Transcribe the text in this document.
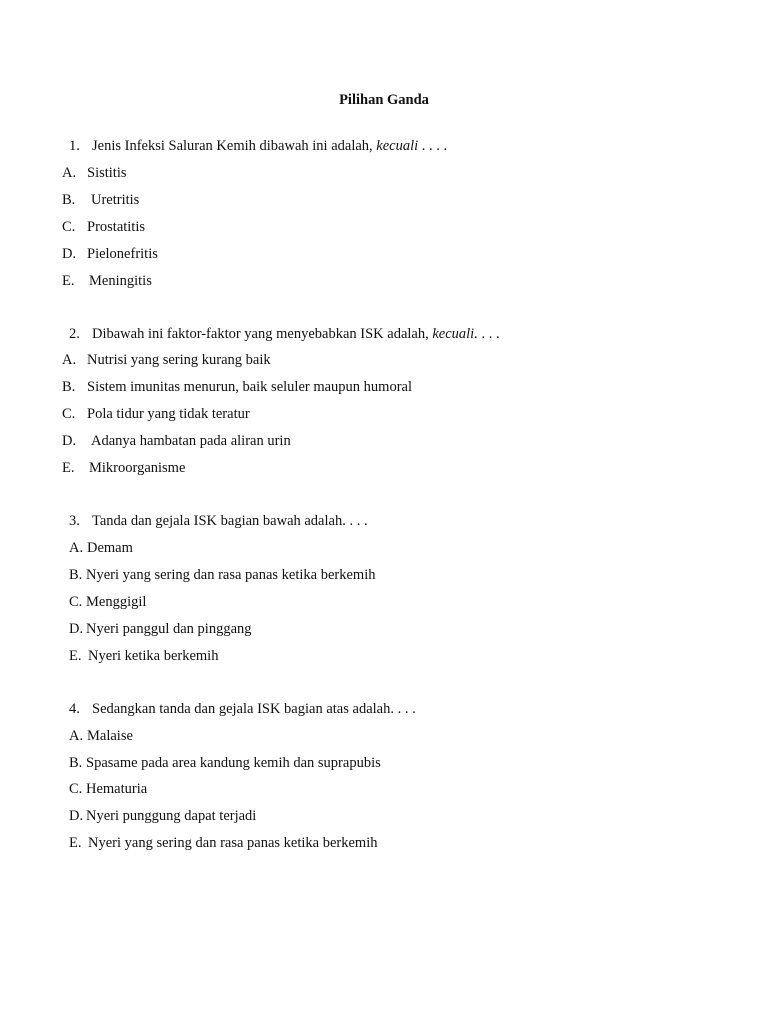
Pilihan Ganda
1. Jenis Infeksi Saluran Kemih dibawah ini adalah, kecuali . . . .
A. Sistitis
B. Uretritis
C. Prostatitis
D. Pielonefritis
E. Meningitis
2. Dibawah ini faktor-faktor yang menyebabkan ISK adalah, kecuali. . . .
A. Nutrisi yang sering kurang baik
B. Sistem imunitas menurun, baik seluler maupun humoral
C. Pola tidur yang tidak teratur
D. Adanya hambatan pada aliran urin
E. Mikroorganisme
3. Tanda dan gejala ISK bagian bawah adalah. . . .
A. Demam
B. Nyeri yang sering dan rasa panas ketika berkemih
C. Menggigil
D. Nyeri panggul dan pinggang
E. Nyeri ketika berkemih
4. Sedangkan tanda dan gejala ISK bagian atas adalah. . . .
A. Malaise
B. Spasame pada area kandung kemih dan suprapubis
C. Hematuria
D. Nyeri punggung dapat terjadi
E. Nyeri yang sering dan rasa panas ketika berkemih
